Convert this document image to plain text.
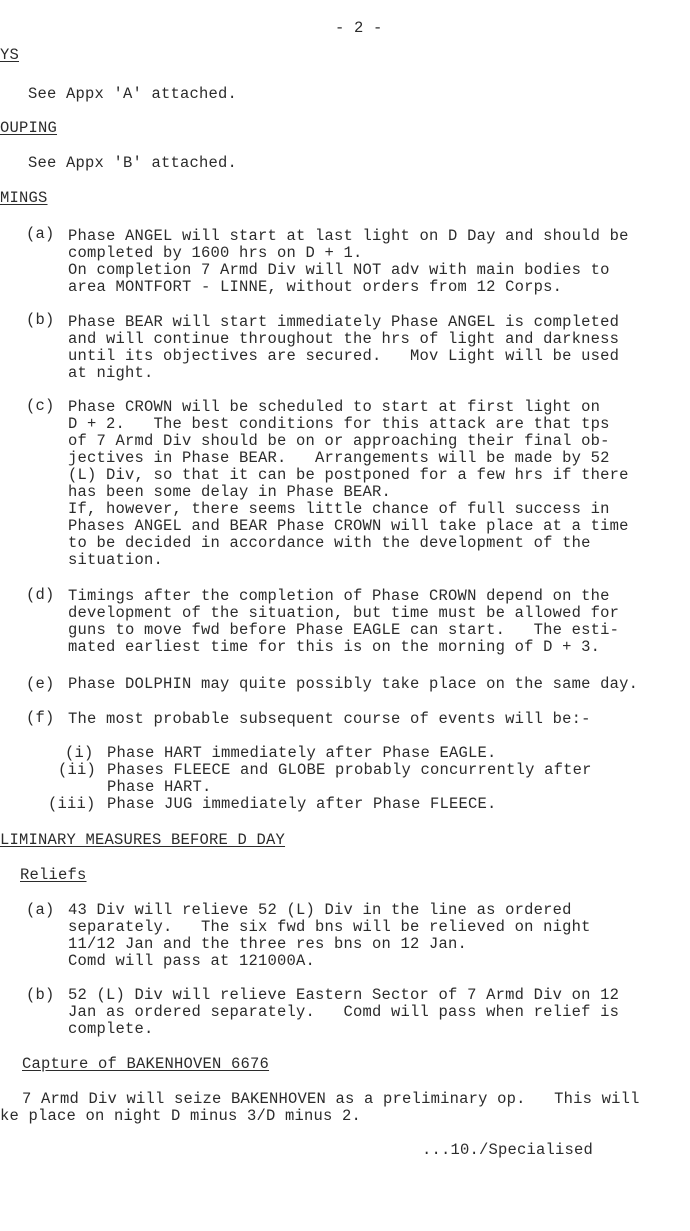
- 2 -
YS
See Appx 'A' attached.
OUPING
See Appx 'B' attached.
MINGS
(a) Phase ANGEL will start at last light on D Day and should be
completed by 1600 hrs on D + 1.
On completion 7 Armd Div will NOT adv with main bodies to
area MONTFORT - LINNE, without orders from 12 Corps.
(b) Phase BEAR will start immediately Phase ANGEL is completed
and will continue throughout the hrs of light and darkness
until its objectives are secured.   Mov Light will be used
at night.
(c) Phase CROWN will be scheduled to start at first light on
D + 2.   The best conditions for this attack are that tps
of 7 Armd Div should be on or approaching their final ob-
jectives in Phase BEAR.   Arrangements will be made by 52
(L) Div, so that it can be postponed for a few hrs if there
has been some delay in Phase BEAR.
If, however, there seems little chance of full success in
Phases ANGEL and BEAR Phase CROWN will take place at a time
to be decided in accordance with the development of the
situation.
(d) Timings after the completion of Phase CROWN depend on the
development of the situation, but time must be allowed for
guns to move fwd before Phase EAGLE can start.   The esti-
mated earliest time for this is on the morning of D + 3.
(e) Phase DOLPHIN may quite possibly take place on the same day.
(f) The most probable subsequent course of events will be:-
(i) Phase HART immediately after Phase EAGLE.
(ii) Phases FLEECE and GLOBE probably concurrently after
Phase HART.
(iii) Phase JUG immediately after Phase FLEECE.
LIMINARY MEASURES BEFORE D DAY
Reliefs
(a) 43 Div will relieve 52 (L) Div in the line as ordered
separately.   The six fwd bns will be relieved on night
11/12 Jan and the three res bns on 12 Jan.
Comd will pass at 121000A.
(b) 52 (L) Div will relieve Eastern Sector of 7 Armd Div on 12
Jan as ordered separately.   Comd will pass when relief is
complete.
Capture of BAKENHOVEN 6676
7 Armd Div will seize BAKENHOVEN as a preliminary op.   This will
ke place on night D minus 3/D minus 2.
...10./Specialised
